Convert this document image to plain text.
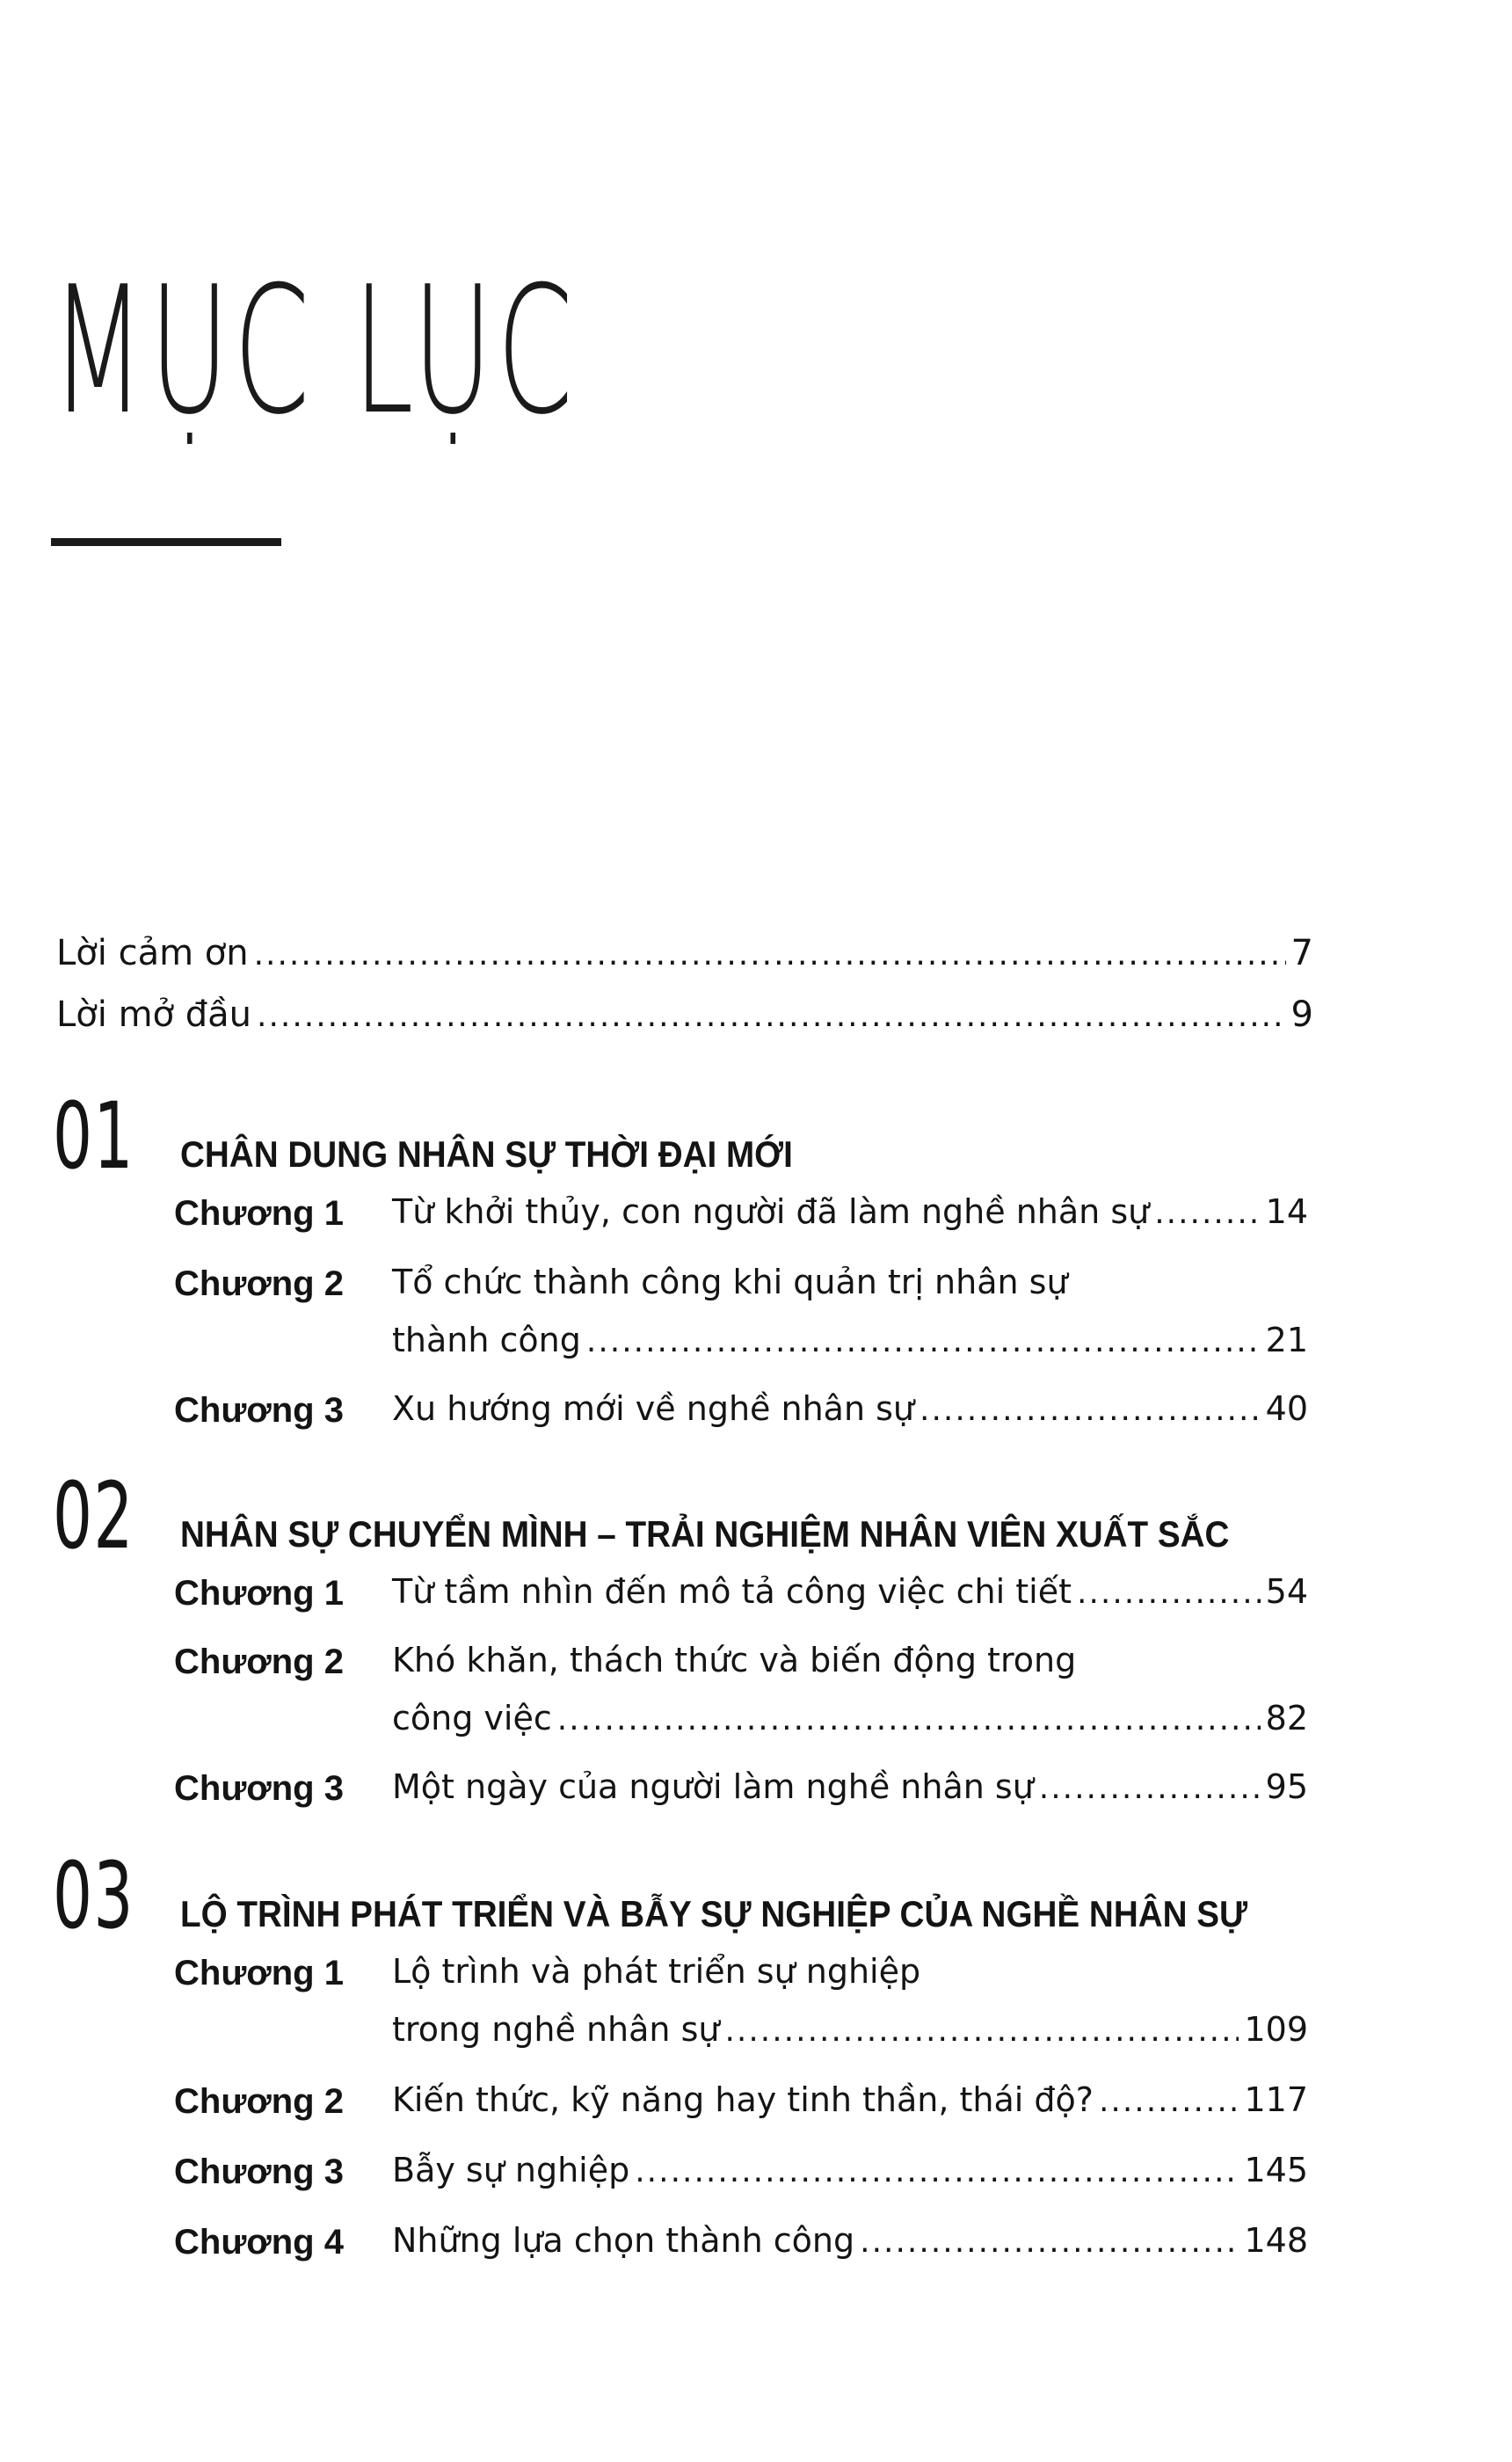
MỤC LỤC
Lời cảm ơn .....	7
Lời mở đầu .....	9
01 CHÂN DUNG NHÂN SỰ THỜI ĐẠI MỚI
Chương 1 Từ khởi thủy, con người đã làm nghề nhân sự .....	14
Chương 2 Tổ chức thành công khi quản trị nhân sự
thành công .....	21
Chương 3 Xu hướng mới về nghề nhân sự .....	40
02 NHÂN SỰ CHUYỂN MÌNH – TRẢI NGHIỆM NHÂN VIÊN XUẤT SẮC
Chương 1 Từ tầm nhìn đến mô tả công việc chi tiết .....	54
Chương 2 Khó khăn, thách thức và biến động trong
công việc .....	82
Chương 3 Một ngày của người làm nghề nhân sự .....	95
03 LỘ TRÌNH PHÁT TRIỂN VÀ BẪY SỰ NGHIỆP CỦA NGHỀ NHÂN SỰ
Chương 1 Lộ trình và phát triển sự nghiệp
trong nghề nhân sự .....	109
Chương 2 Kiến thức, kỹ năng hay tinh thần, thái độ? .....	117
Chương 3 Bẫy sự nghiệp .....	145
Chương 4 Những lựa chọn thành công .....	148
